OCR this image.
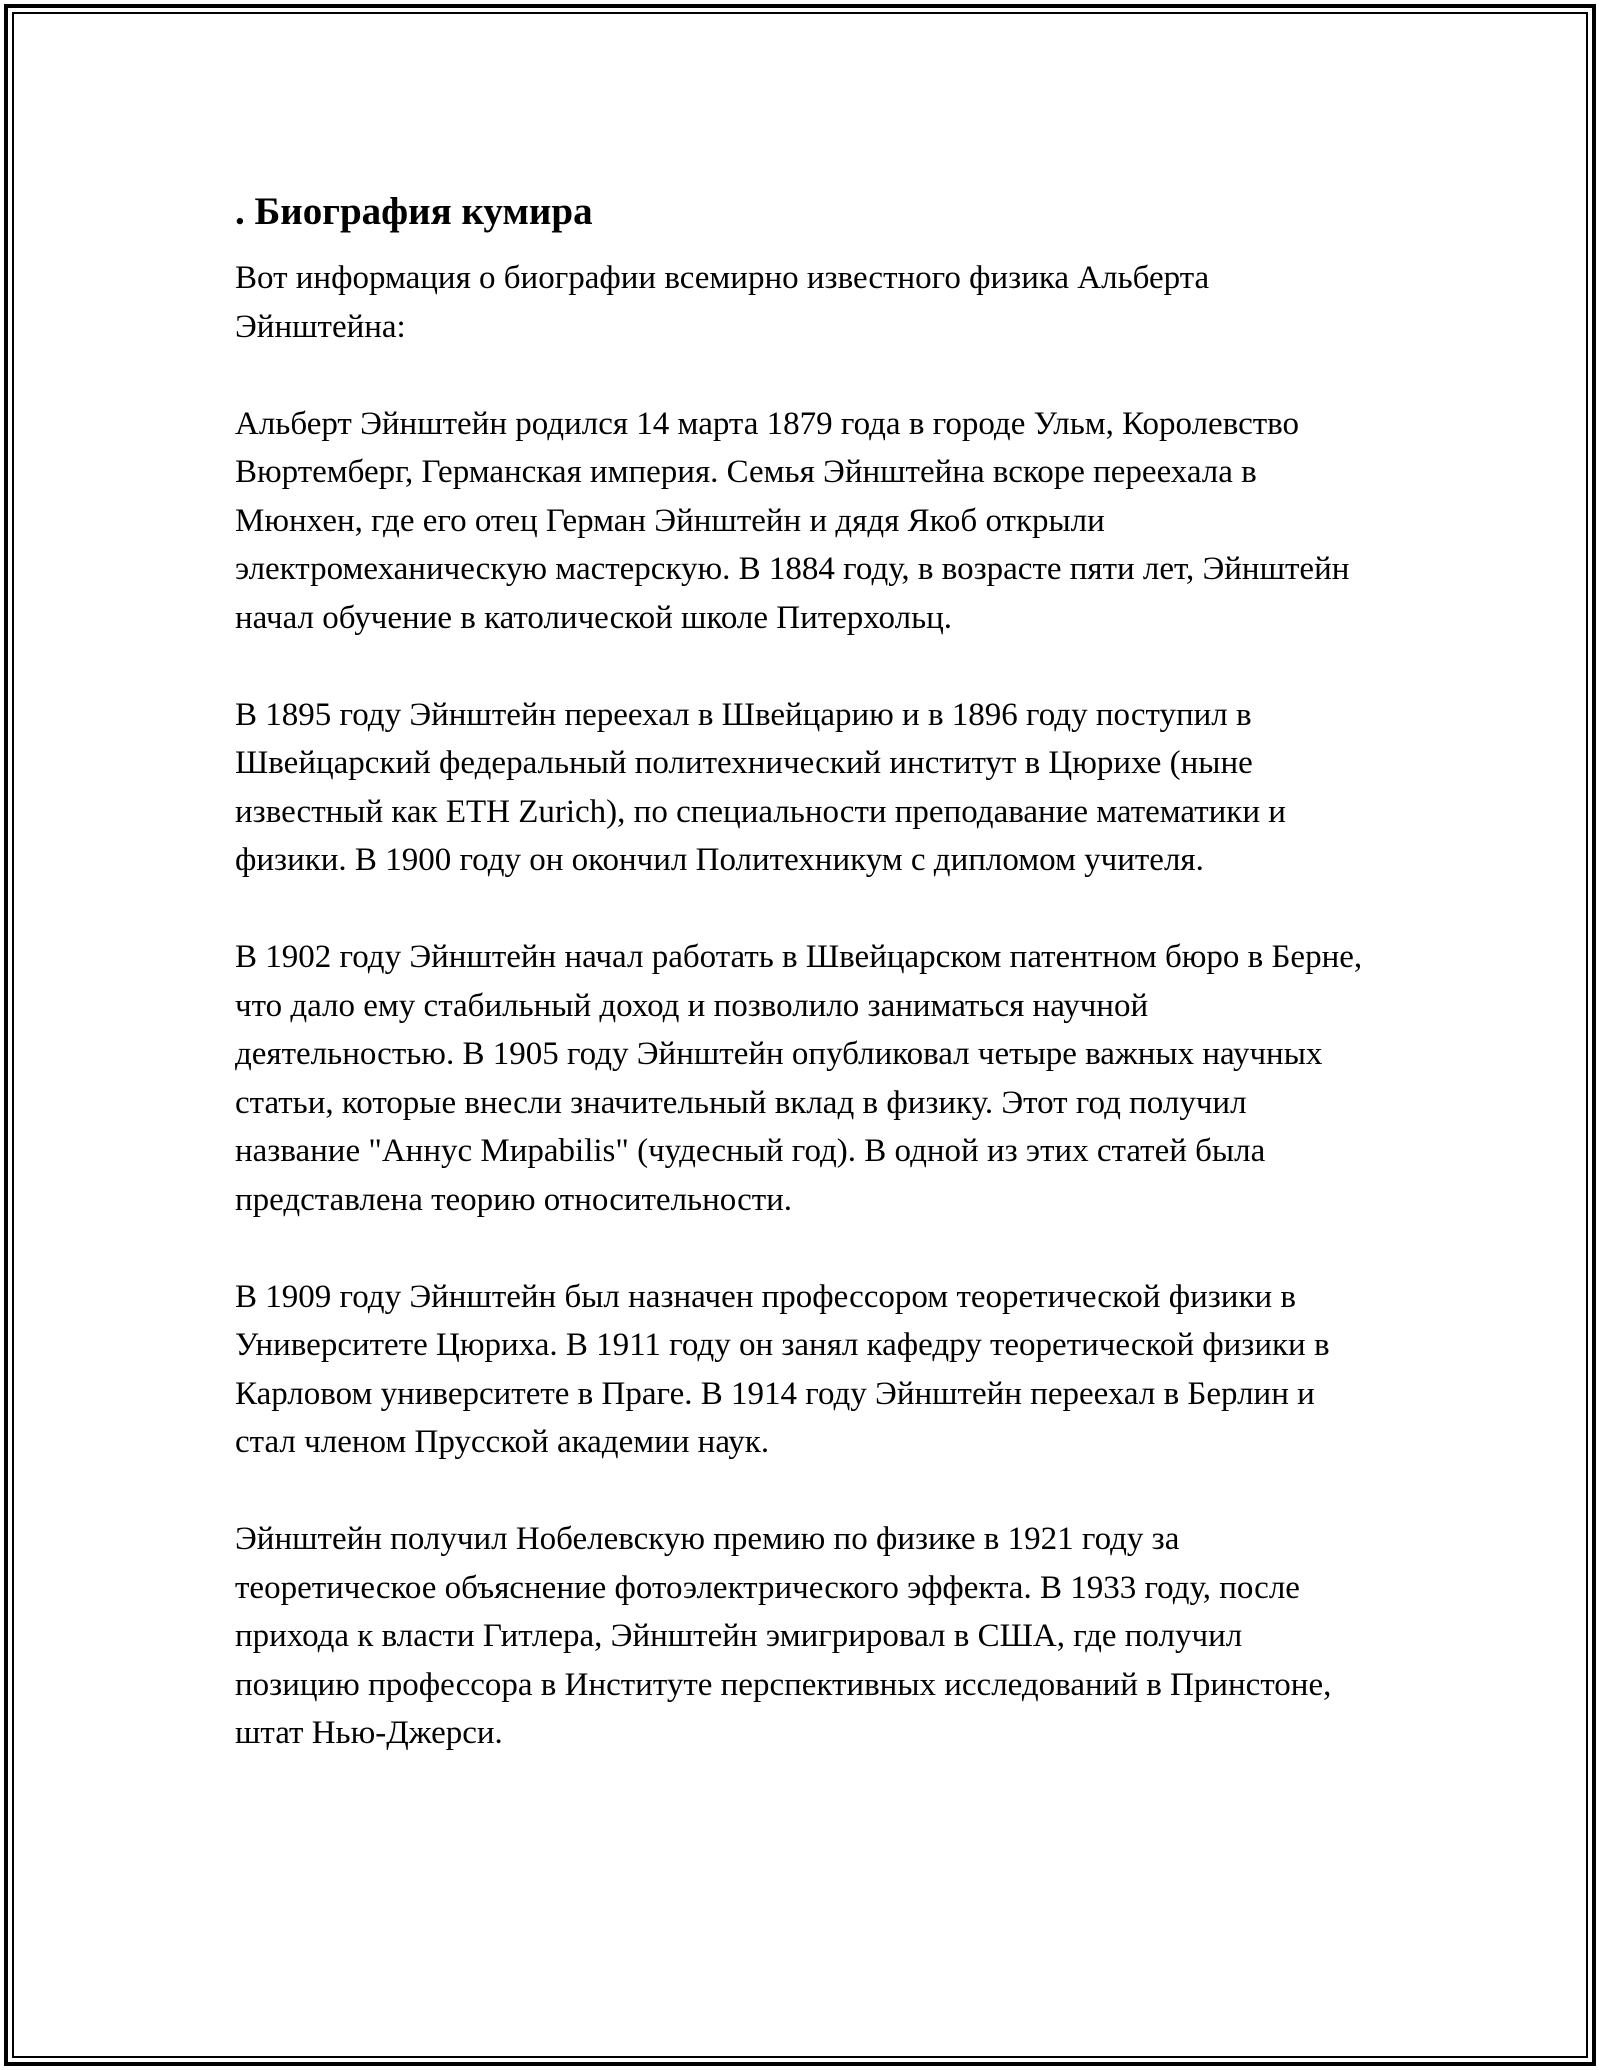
. Биография кумира

Вот информация о биографии всемирно известного физика Альберта Эйнштейна:

Альберт Эйнштейн родился 14 марта 1879 года в городе Ульм, Королевство Вюртемберг, Германская империя. Семья Эйнштейна вскоре переехала в Мюнхен, где его отец Герман Эйнштейн и дядя Якоб открыли электромеханическую мастерскую. В 1884 году, в возрасте пяти лет, Эйнштейн начал обучение в католической школе Питерхольц.

В 1895 году Эйнштейн переехал в Швейцарию и в 1896 году поступил в Швейцарский федеральный политехнический институт в Цюрихе (ныне известный как ETH Zurich), по специальности преподавание математики и физики. В 1900 году он окончил Политехникум с дипломом учителя.

В 1902 году Эйнштейн начал работать в Швейцарском патентном бюро в Берне, что дало ему стабильный доход и позволило заниматься научной деятельностью. В 1905 году Эйнштейн опубликовал четыре важных научных статьи, которые внесли значительный вклад в физику. Этот год получил название "Аннус Мирabilis" (чудесный год). В одной из этих статей была представлена теорию относительности.

В 1909 году Эйнштейн был назначен профессором теоретической физики в Университете Цюриха. В 1911 году он занял кафедру теоретической физики в Карловом университете в Праге. В 1914 году Эйнштейн переехал в Берлин и стал членом Прусской академии наук.

Эйнштейн получил Нобелевскую премию по физике в 1921 году за теоретическое объяснение фотоэлектрического эффекта. В 1933 году, после прихода к власти Гитлера, Эйнштейн эмигрировал в США, где получил позицию профессора в Институте перспективных исследований в Принстоне, штат Нью-Джерси.
